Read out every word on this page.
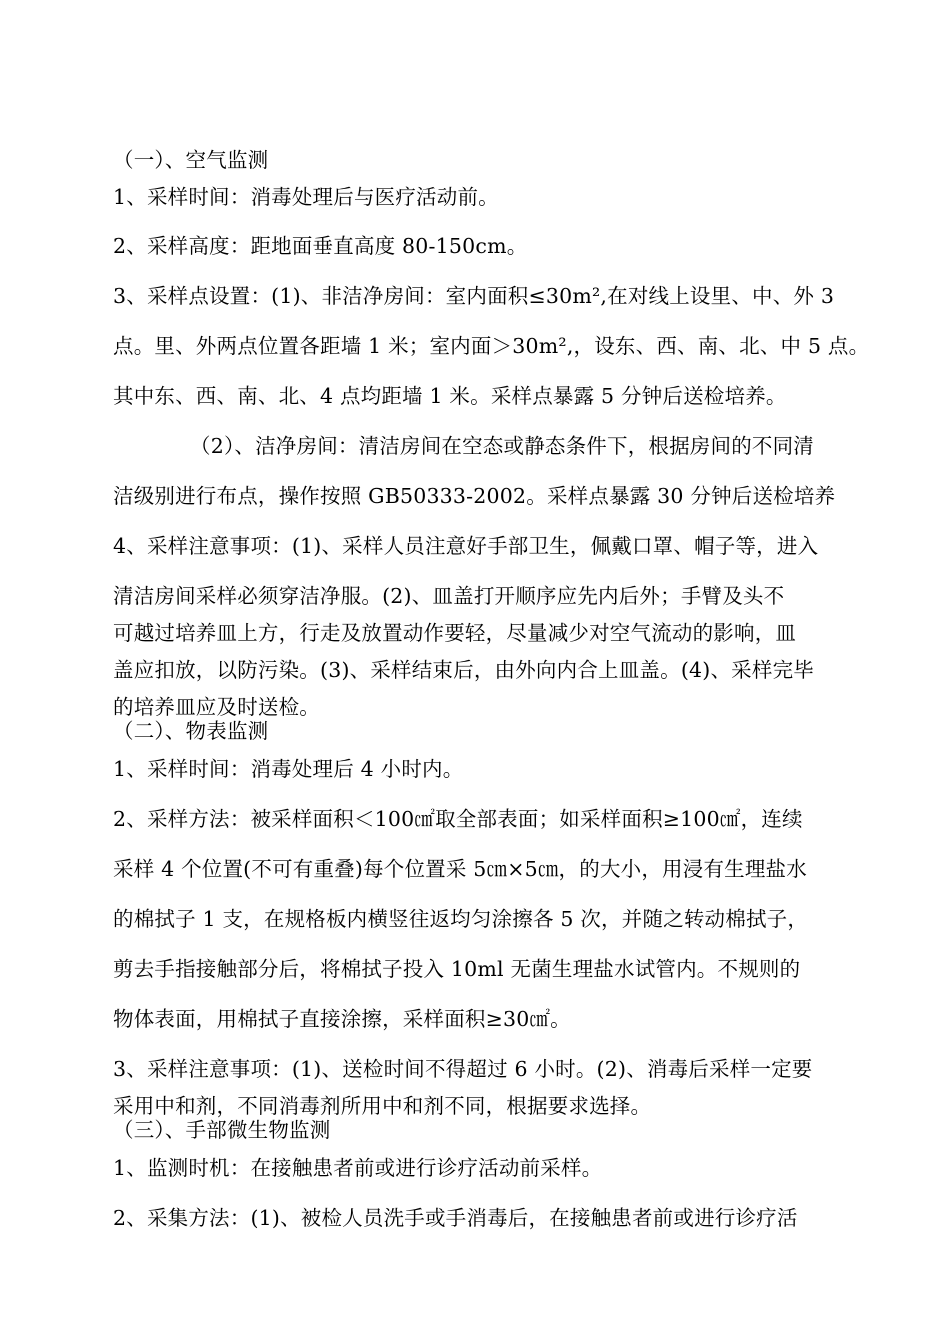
（一）、空气监测
1、采样时间：消毒处理后与医疗活动前。
2、采样高度：距地面垂直高度 80-150cm。
3、采样点设置：(1)、非洁净房间：室内面积≤30m²,在对线上设里、中、外 3
点。里、外两点位置各距墙 1 米；室内面＞30m²,，设东、西、南、北、中 5 点。
其中东、西、南、北、4 点均距墙 1 米。采样点暴露 5 分钟后送检培养。
（2）、洁净房间：清洁房间在空态或静态条件下，根据房间的不同清
洁级别进行布点，操作按照 GB50333-2002。采样点暴露 30 分钟后送检培养
4、采样注意事项：(1)、采样人员注意好手部卫生，佩戴口罩、帽子等，进入
清洁房间采样必须穿洁净服。(2)、皿盖打开顺序应先内后外；手臂及头不
可越过培养皿上方，行走及放置动作要轻，尽量减少对空气流动的影响，皿
盖应扣放，以防污染。(3)、采样结束后，由外向内合上皿盖。(4)、采样完毕
的培养皿应及时送检。
（二）、物表监测
1、采样时间：消毒处理后 4 小时内。
2、采样方法：被采样面积＜100㎠取全部表面；如采样面积≥100㎠，连续
采样 4 个位置(不可有重叠)每个位置采 5㎝×5㎝，的大小，用浸有生理盐水
的棉拭子 1 支，在规格板内横竖往返均匀涂擦各 5 次，并随之转动棉拭子，
剪去手指接触部分后，将棉拭子投入 10ml 无菌生理盐水试管内。不规则的
物体表面，用棉拭子直接涂擦，采样面积≥30㎠。
3、采样注意事项：(1)、送检时间不得超过 6 小时。(2)、消毒后采样一定要
采用中和剂，不同消毒剂所用中和剂不同，根据要求选择。
（三）、手部微生物监测
1、监测时机：在接触患者前或进行诊疗活动前采样。
2、采集方法：(1)、被检人员洗手或手消毒后，在接触患者前或进行诊疗活
